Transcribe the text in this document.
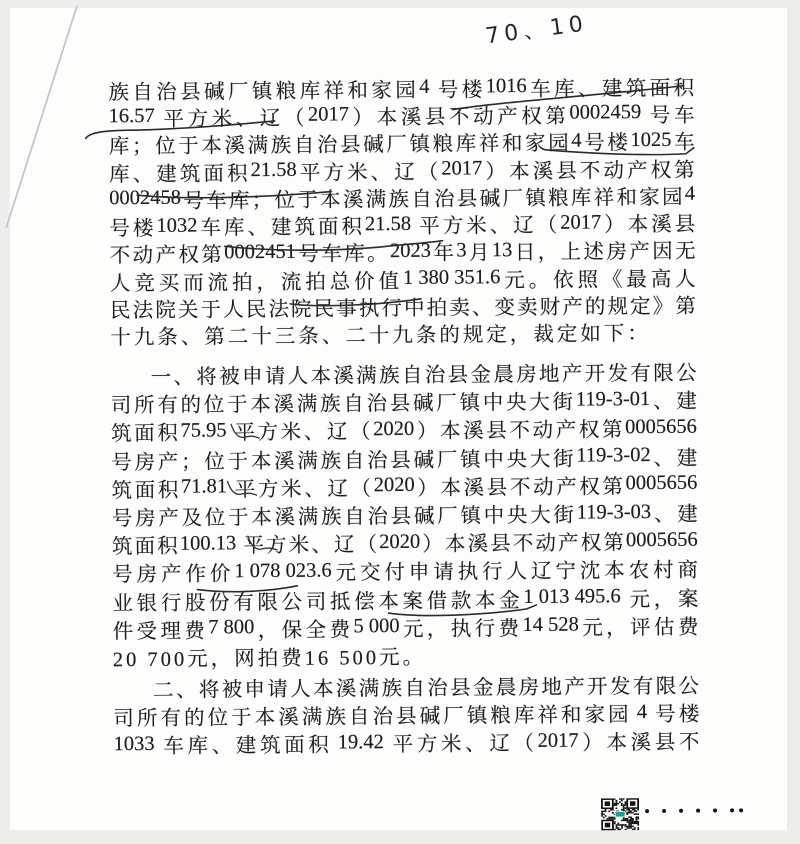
70、10
族 自 治 县 碱 厂 镇 粮 库 祥 和 家 园 4 号 楼 1016 车 库 、 建 筑 面 积
16.57 平 方 米 、 辽 （ 2017 ） 本 溪 县 不 动 产 权 第 0002459 号 车
库 ； 位 于 本 溪 满 族 自 治 县 碱 厂 镇 粮 库 祥 和 家 园 4 号 楼 1025 车
库 、 建 筑 面 积 21.58 平 方 米 、 辽 （ 2017 ） 本 溪 县 不 动 产 权 第
0002458 号 车 库 ； 位 于 本 溪 满 族 自 治 县 碱 厂 镇 粮 库 祥 和 家 园 4
号 楼 1032 车 库 、 建 筑 面 积 21.58 平 方 米 、 辽 （ 2017 ） 本 溪 县
不 动 产 权 第 0002451 号 车 库 。 2023 年 3 月 13 日 ， 上 述 房 产 因 无
人 竞 买 而 流 拍 ， 流 拍 总 价 值 1 380 351.6 元 。 依 照 《 最 高 人
民 法 院 关 于 人 民 法 院 民 事 执 行 中 拍 卖 、 变 卖 财 产 的 规 定 》 第
十九条、第二十三条、二十九条的规定，裁定如下：
一 、 将 被 申 请 人 本 溪 满 族 自 治 县 金 晨 房 地 产 开 发 有 限 公
司 所 有 的 位 于 本 溪 满 族 自 治 县 碱 厂 镇 中 央 大 街 119-3-01 、 建
筑 面 积 75.95 平 方 米 、 辽 （ 2020 ） 本 溪 县 不 动 产 权 第 0005656
号 房 产 ； 位 于 本 溪 满 族 自 治 县 碱 厂 镇 中 央 大 街 119-3-02 、 建
筑 面 积 71.81 平 方 米 、 辽 （ 2020 ） 本 溪 县 不 动 产 权 第 0005656
号 房 产 及 位 于 本 溪 满 族 自 治 县 碱 厂 镇 中 央 大 街 119-3-03 、 建
筑 面 积 100.13 平 方 米 、 辽 （ 2020 ） 本 溪 县 不 动 产 权 第 0005656
号 房 产 作 价 1 078 023.6 元 交 付 申 请 执 行 人 辽 宁 沈 本 农 村 商
业 银 行 股 份 有 限 公 司 抵 偿 本 案 借 款 本 金 1 013 495.6 元 ， 案
件 受 理 费 7 800 ， 保 全 费 5 000 元 ， 执 行 费 14 528 元 ， 评 估 费
20 700元，网拍费16 500元。
二 、 将 被 申 请 人 本 溪 满 族 自 治 县 金 晨 房 地 产 开 发 有 限 公
司 所 有 的 位 于 本 溪 满 族 自 治 县 碱 厂 镇 粮 库 祥 和 家 园 4 号 楼
1033 车 库 、 建 筑 面 积 19.42 平 方 米 、 辽 （ 2017 ） 本 溪 县 不
